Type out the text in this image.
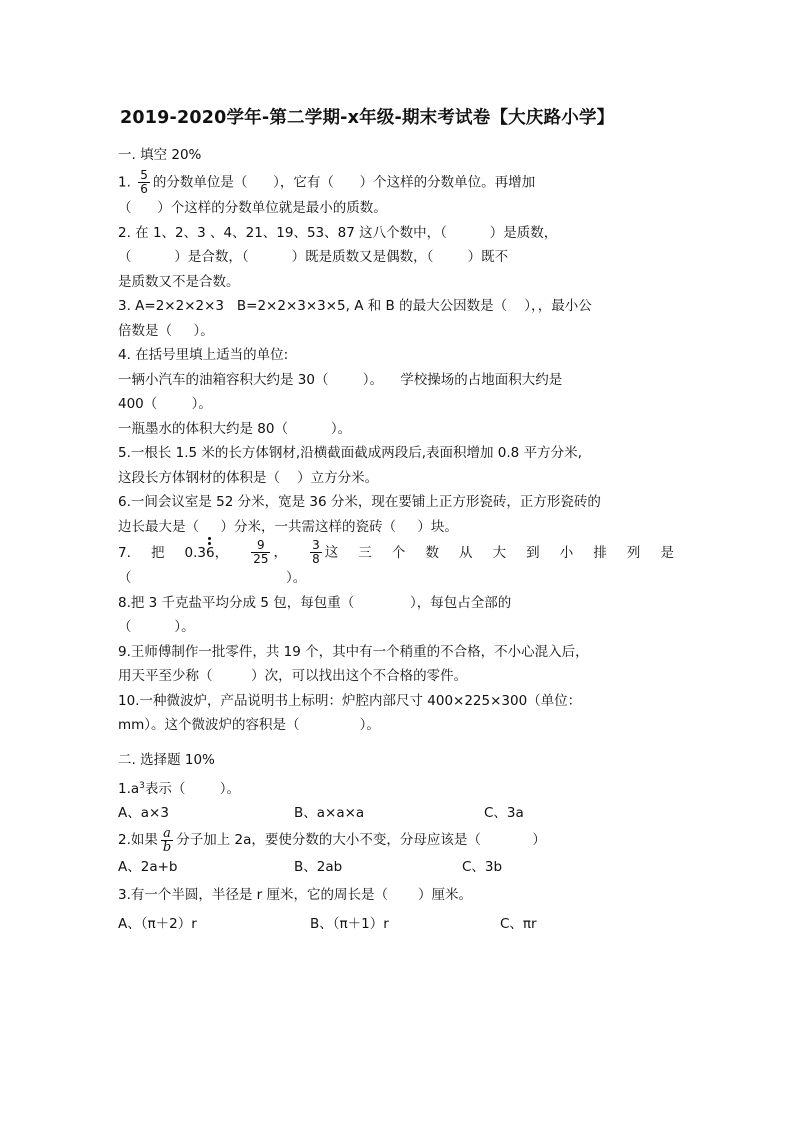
2019-2020学年-第二学期-x年级-期末考试卷【大庆路小学】
一. 填空 20%
1. $\frac{5}{6}$ 的分数单位是（      ），它有（      ）个这样的分数单位。再增加
（      ）个这样的分数单位就是最小的质数。
2. 在 1、2、3 、4、21、19、53、87 这八个数中，（          ）是质数，
（          ）是合数，（          ）既是质数又是偶数，（        ）既不
是质数又不是合数。
3. A=2×2×2×3   B=2×2×3×3×5, A 和 B 的最大公因数是（    ），，最小公
倍数是（     ）。
4. 在括号里填上适当的单位:
一辆小汽车的油箱容积大约是 30（        ）。    学校操场的占地面积大约是
400（        ）。
一瓶墨水的体积大约是 80（          ）。
5.一根长 1.5 米的长方体钢材,沿横截面截成两段后,表面积增加 0.8 平方分米,
这段长方体钢材的体积是（    ）立方分米。
6.一间会议室是 52 分米，宽是 36 分米，现在要铺上正方形瓷砖，正方形瓷砖的
边长最大是（     ）分米，一共需这样的瓷砖（     ）块。
7. 把 0.36， $\frac{9}{25}$ ， $\frac{3}{8}$ 这 三 个 数 从 大 到 小 排 列 是
（                                    ）。
8.把 3 千克盐平均分成 5 包，每包重（             ），每包占全部的
（          ）。
9.王师傅制作一批零件，共 19 个，其中有一个稍重的不合格，不小心混入后，
用天平至少称（         ）次，可以找出这个不合格的零件。
10.一种微波炉，产品说明书上标明：炉腔内部尺寸 400×225×300（单位：
mm）。这个微波炉的容积是（              ）。
二. 选择题 10%
$1.a^3$表示（        ）。
A、a×3	B、a×a×a	C、3a
2.如果 $\frac{a}{b}$ 分子加上 2a，要使分数的大小不变，分母应该是（            ）
A、2a+b	B、2ab	C、3b
3.有一个半圆，半径是 r 厘米，它的周长是（       ）厘米。
A、（π＋2）r	B、（π＋1）r	C、πr
